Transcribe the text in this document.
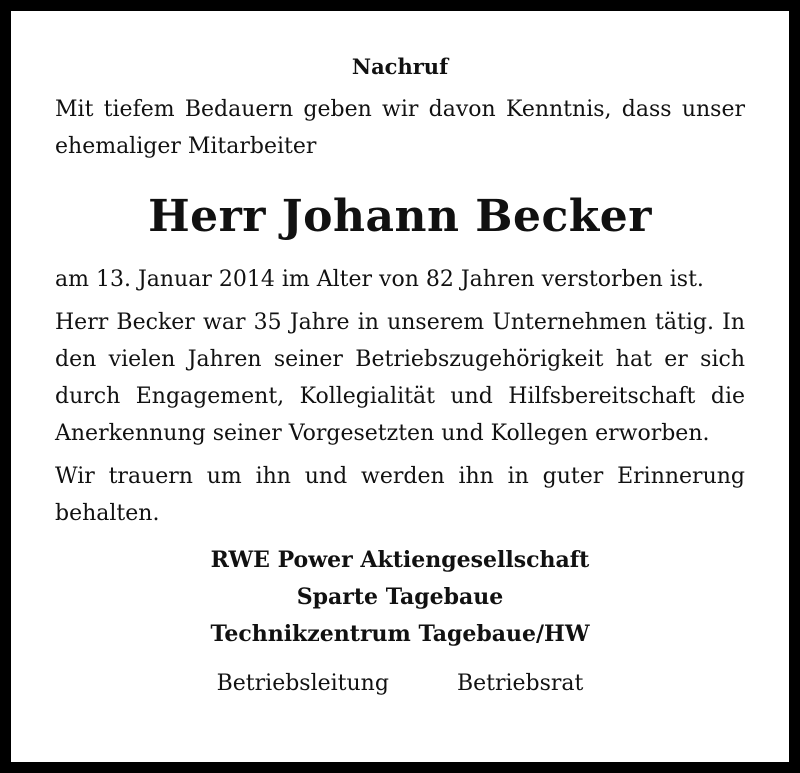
Nachruf

Mit tiefem Bedauern geben wir davon Kenntnis, dass unser ehemaliger Mitarbeiter

Herr Johann Becker

am 13. Januar 2014 im Alter von 82 Jahren verstorben ist.

Herr Becker war 35 Jahre in unserem Unternehmen tätig. In den vielen Jahren seiner Betriebszugehörigkeit hat er sich durch Engagement, Kollegialität und Hilfsbereitschaft die Anerkennung seiner Vorgesetzten und Kollegen erworben.

Wir trauern um ihn und werden ihn in guter Erinnerung behalten.

RWE Power Aktiengesellschaft

Sparte Tagebaue

Technikzentrum Tagebaue/HW

Betriebsleitung	Betriebsrat
